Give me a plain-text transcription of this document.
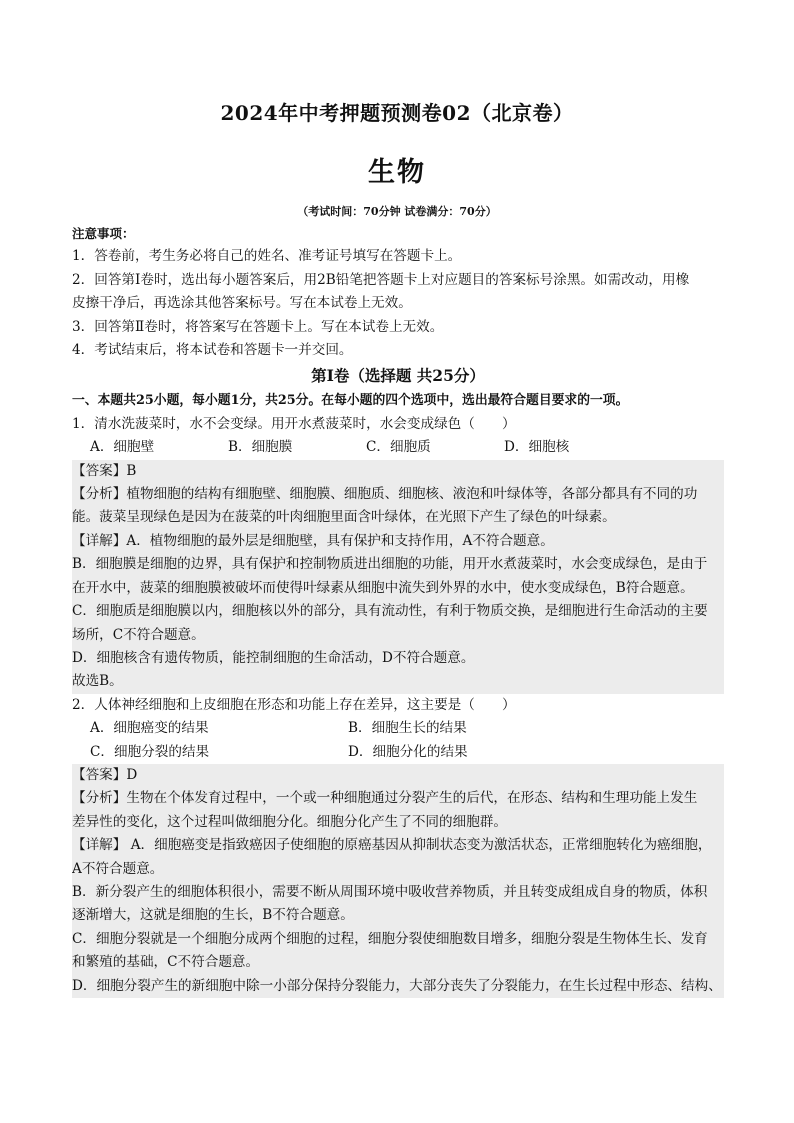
2024年中考押题预测卷02（北京卷）
生物
（考试时间：70分钟 试卷满分：70分）
注意事项：
1．答卷前，考生务必将自己的姓名、准考证号填写在答题卡上。
2．回答第Ⅰ卷时，选出每小题答案后，用2B铅笔把答题卡上对应题目的答案标号涂黑。如需改动，用橡
皮擦干净后，再选涂其他答案标号。写在本试卷上无效。
3．回答第Ⅱ卷时，将答案写在答题卡上。写在本试卷上无效。
4．考试结束后，将本试卷和答题卡一并交回。
第Ⅰ卷（选择题 共25分）
一、本题共25小题，每小题1分，共25分。在每小题的四个选项中，选出最符合题目要求的一项。
1．清水洗菠菜时，水不会变绿。用开水煮菠菜时，水会变成绿色（　　）
A．细胞壁	B．细胞膜	C．细胞质	D．细胞核
【答案】B
【分析】植物细胞的结构有细胞壁、细胞膜、细胞质、细胞核、液泡和叶绿体等，各部分都具有不同的功
能。菠菜呈现绿色是因为在菠菜的叶肉细胞里面含叶绿体，在光照下产生了绿色的叶绿素。
【详解】A．植物细胞的最外层是细胞壁，具有保护和支持作用，A不符合题意。
B．细胞膜是细胞的边界，具有保护和控制物质进出细胞的功能，用开水煮菠菜时，水会变成绿色，是由于
在开水中，菠菜的细胞膜被破坏而使得叶绿素从细胞中流失到外界的水中，使水变成绿色，B符合题意。
C．细胞质是细胞膜以内，细胞核以外的部分，具有流动性，有利于物质交换，是细胞进行生命活动的主要
场所，C不符合题意。
D．细胞核含有遗传物质，能控制细胞的生命活动，D不符合题意。
故选B。
2．人体神经细胞和上皮细胞在形态和功能上存在差异，这主要是（　　）
A．细胞癌变的结果	B．细胞生长的结果
C．细胞分裂的结果	D．细胞分化的结果
【答案】D
【分析】生物在个体发育过程中，一个或一种细胞通过分裂产生的后代，在形态、结构和生理功能上发生
差异性的变化，这个过程叫做细胞分化。细胞分化产生了不同的细胞群。
【详解】 A．细胞癌变是指致癌因子使细胞的原癌基因从抑制状态变为激活状态，正常细胞转化为癌细胞，
A不符合题意。
B．新分裂产生的细胞体积很小，需要不断从周围环境中吸收营养物质，并且转变成组成自身的物质，体积
逐渐增大，这就是细胞的生长，B不符合题意。
C．细胞分裂就是一个细胞分成两个细胞的过程，细胞分裂使细胞数目增多，细胞分裂是生物体生长、发育
和繁殖的基础，C不符合题意。
D．细胞分裂产生的新细胞中除一小部分保持分裂能力，大部分丧失了分裂能力，在生长过程中形态、结构、
